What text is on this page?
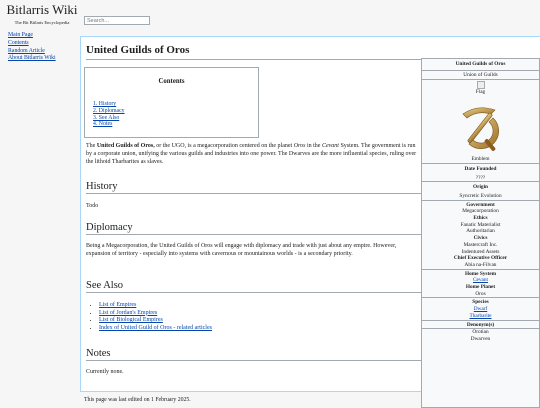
Bitlarris Wiki
The Bit Bitlaris Encyclopedia
Search...
Main Page
Contents
Random Article
About Bitlarris Wiki
United Guilds of Oros
Contents
1. History
2. Diplomacy
3. See Also
4. Notes

The United Guilds of Oros, or the UGO, is a megacorporation centered on the planet Oros in the Cevant System. The government is run by a corporate union, unifying the various guilds and industries into one power. The Dwarves are the more influential species, ruling over the lithoid Tharbarites as slaves.

History

Todo

Diplomacy

Being a Megacorporation, the United Guilds of Oros will engage with diplomacy and trade with just about any empire. However, expansion of territory - especially into systems with cavernous or mountainous worlds - is a secondary priority.

See Also
• List of Empires
• List of Jordan's Empires
• List of Biological Empires
• Index of United Guild of Oros - related articles
Notes

Currently none.

United Guilds of Oros
Union of Guilds
Flag
Emblem
Date Founded
????
Origin
Syncretic Evolution
Government
Megacorporation
Ethics
Fanatic Materialist
Authoritarian
Civics
Mastercraft Inc.
Indentured Assets
Chief Executive Officer
Abia na-Filvan
Home System
Cevant
Home Planet
Oros
Species
Dwarf
Tharbarite
Denonym(s)
Orotian
Dwarven
This page was last edited on 1 February 2025.
